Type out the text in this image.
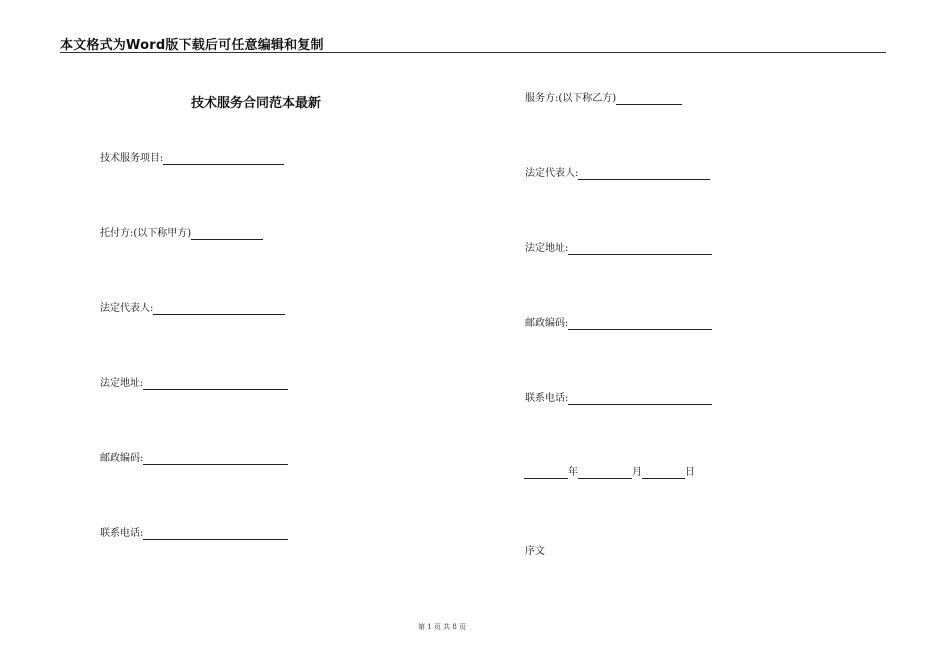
本文格式为Word版下载后可任意编辑和复制
技术服务合同范本最新
技术服务项目:
托付方:(以下称甲方)
法定代表人:
法定地址:
邮政编码:
联系电话:
服务方:(以下称乙方)
法定代表人:
法定地址:
邮政编码:
联系电话:
年	月	日
序文
第 1 页 共 8 页
